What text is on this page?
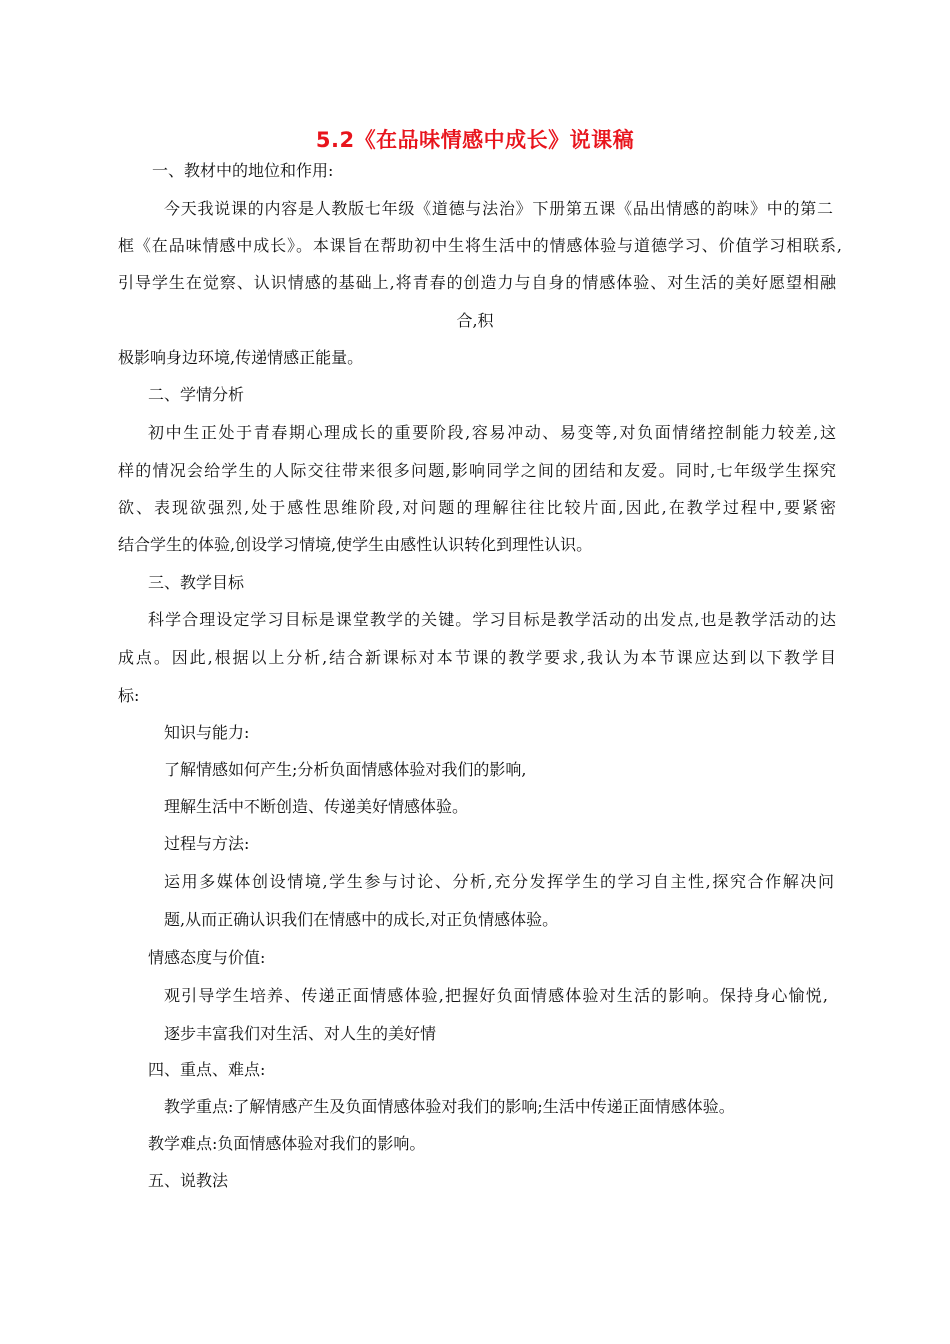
5.2《在品味情感中成长》说课稿
一、教材中的地位和作用:
今天我说课的内容是人教版七年级《道德与法治》下册第五课《品出情感的韵味》中的第二
框《在品味情感中成长》。本课旨在帮助初中生将生活中的情感体验与道德学习、价值学习相联系,
引导学生在觉察、认识情感的基础上,将青春的创造力与自身的情感体验、对生活的美好愿望相融
合,积
极影响身边环境,传递情感正能量。
二、学情分析
初中生正处于青春期心理成长的重要阶段,容易冲动、易变等,对负面情绪控制能力较差,这
样的情况会给学生的人际交往带来很多问题,影响同学之间的团结和友爱。同时,七年级学生探究
欲、表现欲强烈,处于感性思维阶段,对问题的理解往往比较片面,因此,在教学过程中,要紧密
结合学生的体验,创设学习情境,使学生由感性认识转化到理性认识。
三、教学目标
科学合理设定学习目标是课堂教学的关键。学习目标是教学活动的出发点,也是教学活动的达
成点。因此,根据以上分析,结合新课标对本节课的教学要求,我认为本节课应达到以下教学目
标:
知识与能力:
了解情感如何产生;分析负面情感体验对我们的影响,
理解生活中不断创造、传递美好情感体验。
过程与方法:
运用多媒体创设情境,学生参与讨论、分析,充分发挥学生的学习自主性,探究合作解决问
题,从而正确认识我们在情感中的成长,对正负情感体验。
情感态度与价值:
观引导学生培养、传递正面情感体验,把握好负面情感体验对生活的影响。保持身心愉悦,
逐步丰富我们对生活、对人生的美好情
四、重点、难点:
教学重点:了解情感产生及负面情感体验对我们的影响;生活中传递正面情感体验。
教学难点:负面情感体验对我们的影响。
五、说教法
